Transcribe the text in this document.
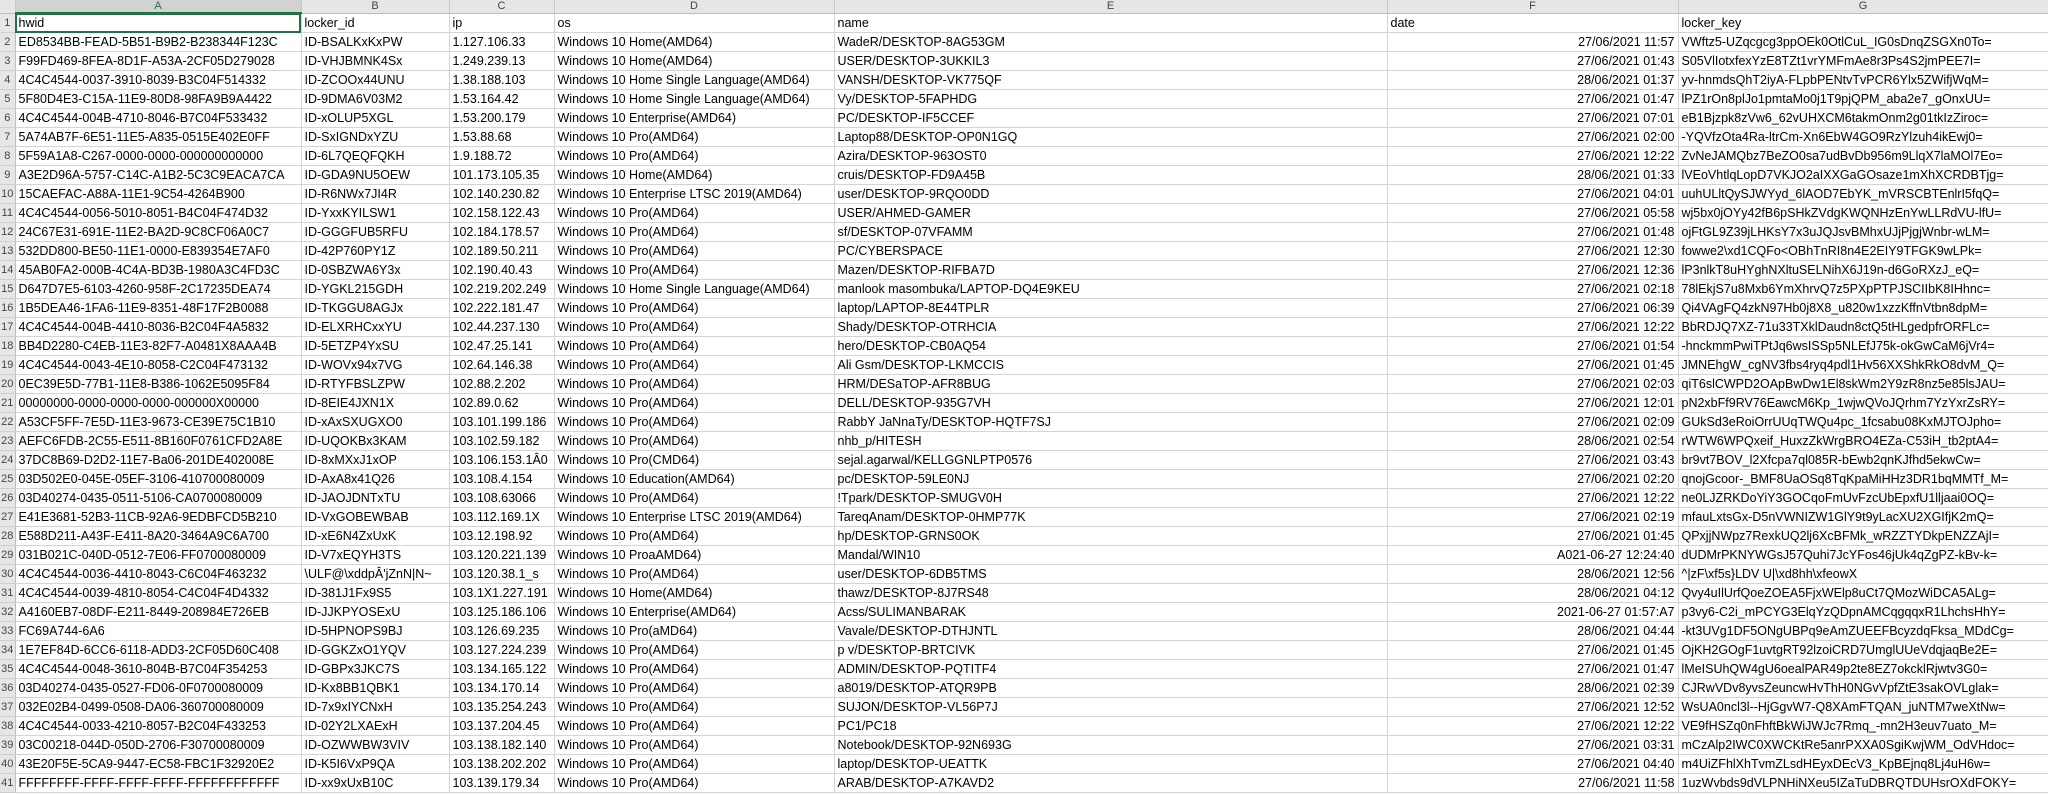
	A	B	C	D	E	F	G
1	hwid	locker_id	ip	os	name	date	locker_key
2	ED8534BB-FEAD-5B51-B9B2-B238344F123C	ID-BSALKxKxPW	1.127.106.33	Windows 10 Home(AMD64)	WadeR/DESKTOP-8AG53GM	27/06/2021 11:57	VWftz5-UZqcgcg3ppOEk0OtlCuL_IG0sDnqZSGXn0To=
3	F99FD469-8FEA-8D1F-A53A-2CF05D279028	ID-VHJBMNK4Sx	1.249.239.13	Windows 10 Home(AMD64)	USER/DESKTOP-3UKKIL3	27/06/2021 01:43	S05VlIotxfexYzE8TZt1vrYMFmAe8r3Ps4S2jmPEE7I=
4	4C4C4544-0037-3910-8039-B3C04F514332	ID-ZCOOx44UNU	1.38.188.103	Windows 10 Home Single Language(AMD64)	VANSH/DESKTOP-VK775QF	28/06/2021 01:37	yv-hnmdsQhT2iyA-FLpbPENtvTvPCR6Ylx5ZWifjWqM=
5	5F80D4E3-C15A-11E9-80D8-98FA9B9A4422	ID-9DMA6V03M2	1.53.164.42	Windows 10 Home Single Language(AMD64)	Vy/DESKTOP-5FAPHDG	27/06/2021 01:47	lPZ1rOn8plJo1pmtaMo0j1T9pjQPM_aba2e7_gOnxUU=
6	4C4C4544-004B-4710-8046-B7C04F533432	ID-xOLUP5XGL	1.53.200.179	Windows 10 Enterprise(AMD64)	PC/DESKTOP-IF5CCEF	27/06/2021 07:01	eB1Bjzpk8zVw6_62vUHXCM6takmOnm2g01tkIzZiroc=
7	5A74AB7F-6E51-11E5-A835-0515E402E0FF	ID-SxIGNDxYZU	1.53.88.68	Windows 10 Pro(AMD64)	Laptop88/DESKTOP-OP0N1GQ	27/06/2021 02:00	-YQVfzOta4Ra-ltrCm-Xn6EbW4GO9RzYlzuh4ikEwj0=
8	5F59A1A8-C267-0000-0000-000000000000	ID-6L7QEQFQKH	1.9.188.72	Windows 10 Pro(AMD64)	Azira/DESKTOP-963OST0	27/06/2021 12:22	ZvNeJAMQbz7BeZO0sa7udBvDb956m9LlqX7laMOl7Eo=
9	A3E2D96A-5757-C14C-A1B2-5C3C9EACA7CA	ID-GDA9NU5OEW	101.173.105.35	Windows 10 Home(AMD64)	cruis/DESKTOP-FD9A45B	28/06/2021 01:33	lVEoVhtlqLopD7VKJO2aIXXGaGOsaze1mXhXCRDBTjg=
10	15CAEFAC-A88A-11E1-9C54-4264B900	ID-R6NWx7JI4R	102.140.230.82	Windows 10 Enterprise LTSC 2019(AMD64)	user/DESKTOP-9RQO0DD	27/06/2021 04:01	uuhULltQySJWYyd_6lAOD7EbYK_mVRSCBTEnlrI5fqQ=
11	4C4C4544-0056-5010-8051-B4C04F474D32	ID-YxxKYILSW1	102.158.122.43	Windows 10 Pro(AMD64)	USER/AHMED-GAMER	27/06/2021 05:58	wj5bx0jOYy42fB6pSHkZVdgKWQNHzEnYwLLRdVU-lfU=
12	24C67E31-691E-11E2-BA2D-9C8CF06A0C7	ID-GGGFUB5RFU	102.184.178.57	Windows 10 Pro(AMD64)	sf/DESKTOP-07VFAMM	27/06/2021 01:48	ojFtGL9Z39jLHKsY7x3uJQJsvBMhxUJjPjgjWnbr-wLM=
13	532DD800-BE50-11E1-0000-E839354E7AF0	ID-42P760PY1Z	102.189.50.211	Windows 10 Pro(AMD64)	PC/CYBERSPACE	27/06/2021 12:30	fowwe2\xd1CQFo<OBhTnRI8n4E2EIY9TFGK9wLPk=
14	45AB0FA2-000B-4C4A-BD3B-1980A3C4FD3C	ID-0SBZWA6Y3x	102.190.40.43	Windows 10 Pro(AMD64)	Mazen/DESKTOP-RIFBA7D	27/06/2021 12:36	lP3nlkT8uHYghNXltuSELNihX6J19n-d6GoRXzJ_eQ=
15	D647D7E5-6103-4260-958F-2C17235DEA74	ID-YGKL215GDH	102.219.202.249	Windows 10 Home Single Language(AMD64)	manlook masombuka/LAPTOP-DQ4E9KEU	27/06/2021 02:18	78lEkjS7u8Mxb6YmXhrvQ7z5PXpPTPJSCIIbK8IHhnc=
16	1B5DEA46-1FA6-11E9-8351-48F17F2B0088	ID-TKGGU8AGJx	102.222.181.47	Windows 10 Pro(AMD64)	laptop/LAPTOP-8E44TPLR	27/06/2021 06:39	Qi4VAgFQ4zkN97Hb0j8X8_u820w1xzzKffnVtbn8dpM=
17	4C4C4544-004B-4410-8036-B2C04F4A5832	ID-ELXRHCxxYU	102.44.237.130	Windows 10 Pro(AMD64)	Shady/DESKTOP-OTRHCIA	27/06/2021 12:22	BbRDJQ7XZ-71u33TXklDaudn8ctQ5tHLgedpfrORFLc=
18	BB4D2280-C4EB-11E3-82F7-A0481X8AAA4B	ID-5ETZP4YxSU	102.47.25.141	Windows 10 Pro(AMD64)	hero/DESKTOP-CB0AQ54	27/06/2021 01:54	-hnckmmPwiTPtJq6wsISSp5NLEfJ75k-okGwCaM6jVr4=
19	4C4C4544-0043-4E10-8058-C2C04F473132	ID-WOVx94x7VG	102.64.146.38	Windows 10 Pro(AMD64)	Ali Gsm/DESKTOP-LKMCCIS	27/06/2021 01:45	JMNEhgW_cgNV3fbs4ryq4pdl1Hv56XXShkRkO8dvM_Q=
20	0EC39E5D-77B1-11E8-B386-1062E5095F84	ID-RTYFBSLZPW	102.88.2.202	Windows 10 Pro(AMD64)	HRM/DESaTOP-AFR8BUG	27/06/2021 02:03	qiT6slCWPD2OApBwDw1El8skWm2Y9zR8nz5e85lsJAU=
21	00000000-0000-0000-0000-000000X00000	ID-8EIE4JXN1X	102.89.0.62	Windows 10 Pro(AMD64)	DELL/DESKTOP-935G7VH	27/06/2021 12:01	pN2xbFf9RV76EawcM6Kp_1wjwQVoJQrhm7YzYxrZsRY=
22	A53CF5FF-7E5D-11E3-9673-CE39E75C1B10	ID-xAxSXUGXO0	103.101.199.186	Windows 10 Pro(AMD64)	RabbY JaNnaTy/DESKTOP-HQTF7SJ	27/06/2021 02:09	GUkSd3eRoiOrrUUqTWQu4pc_1fcsabu08KxMJTOJpho=
23	AEFC6FDB-2C55-E511-8B160F0761CFD2A8E	ID-UQOKBx3KAM	103.102.59.182	Windows 10 Pro(AMD64)	nhb_p/HITESH	28/06/2021 02:54	rWTW6WPQxeif_HuxzZkWrgBRO4EZa-C53iH_tb2ptA4=
24	37DC8B69-D2D2-11E7-Ba06-201DE402008E	ID-8xMXxJ1xOP	103.106.153.1Â0	Windows 10 Pro(CMD64)	sejal.agarwal/KELLGGNLPTP0576	27/06/2021 03:43	br9vt7BOV_l2Xfcpa7ql085R-bEwb2qnKJfhd5ekwCw=
25	03D502E0-045E-05EF-3106-410700080009	ID-AxA8x41Q26	103.108.4.154	Windows 10 Education(AMD64)	pc/DESKTOP-59LE0NJ	27/06/2021 02:20	qnojGcoor-_BMF8UaOSq8TqKpaMiHHz3DR1bqMMTf_M=
26	03D40274-0435-0511-5106-CA0700080009	ID-JAOJDNTxTU	103.108.63066	Windows 10 Pro(AMD64)	!Tpark/DESKTOP-SMUGV0H	27/06/2021 12:22	ne0LJZRKDoYiY3GOCqoFmUvFzcUbEpxfU1lljaai0OQ=
27	E41E3681-52B3-11CB-92A6-9EDBFCD5B210	ID-VxGOBEWBAB	103.112.169.1X	Windows 10 Enterprise LTSC 2019(AMD64)	TareqAnam/DESKTOP-0HMP77K	27/06/2021 02:19	mfauLxtsGx-D5nVWNIZW1GlY9t9yLacXU2XGIfjK2mQ=
28	E588D211-A43F-E411-8A20-3464A9C6A700	ID-xE6N4ZxUxK	103.12.198.92	Windows 10 Pro(AMD64)	hp/DESKTOP-GRNS0OK	27/06/2021 01:45	QPxjjNWpz7RexkUQ2lj6XcBFMk_wRZZTYDkpENZZAjI=
29	031B021C-040D-0512-7E06-FF0700080009	ID-V7xEQYH3TS	103.120.221.139	Windows 10 ProaAMD64)	Mandal/WIN10	A021-06-27 12:24:40	dUDMrPKNYWGsJ57Quhi7JcYFos46jUk4qZgPZ-kBv-k=
30	4C4C4544-0036-4410-8043-C6C04F463232	\ULF@\xddpÂ'jZnN|N~	103.120.38.1_s	Windows 10 Pro(AMD64)	user/DESKTOP-6DB5TMS	28/06/2021 12:56	^|zF\xf5s}LDV U|\xd8hh\xfeowX
31	4C4C4544-0039-4810-8054-C4C04F4D4332	ID-381J1Fx9S5	103.1X1.227.191	Windows 10 Home(AMD64)	thawz/DESKTOP-8J7RS48	28/06/2021 04:12	Qvy4uIlUrfQoeZOEA5FjxWElp8uCt7QMozWiDCA5ALg=
32	A4160EB7-08DF-E211-8449-208984E726EB	ID-JJKPYOSExU	103.125.186.106	Windows 10 Enterprise(AMD64)	Acss/SULIMANBARAK	2021-06-27 01:57:A7	p3vy6-C2i_mPCYG3ElqYzQDpnAMCqgqqxR1LhchsHhY=
33	FC69A744-6A6	ID-5HPNOPS9BJ	103.126.69.235	Windows 10 Pro(aMD64)	Vavale/DESKTOP-DTHJNTL	28/06/2021 04:44	-kt3UVg1DF5ONgUBPq9eAmZUEEFBcyzdqFksa_MDdCg=
34	1E7EF84D-6CC6-6118-ADD3-2CF05D60C408	ID-GGKZxO1YQV	103.127.224.239	Windows 10 Pro(AMD64)	p v/DESKTOP-BRTCIVK	27/06/2021 01:45	OjKH2GOgF1uvtgRT92lzoiCRD7UmglUUeVdqjaqBe2E=
35	4C4C4544-0048-3610-804B-B7C04F354253	ID-GBPx3JKC7S	103.134.165.122	Windows 10 Pro(AMD64)	ADMIN/DESKTOP-PQTITF4	27/06/2021 01:47	lMeISUhQW4gU6oealPAR49p2te8EZ7okcklRjwtv3G0=
36	03D40274-0435-0527-FD06-0F0700080009	ID-Kx8BB1QBK1	103.134.170.14	Windows 10 Pro(AMD64)	a8019/DESKTOP-ATQR9PB	28/06/2021 02:39	CJRwVDv8yvsZeuncwHvThH0NGvVpfZtE3sakOVLglak=
37	032E02B4-0499-0508-DA06-360700080009	ID-7x9xIYCNxH	103.135.254.243	Windows 10 Pro(AMD64)	SUJON/DESKTOP-VL56P7J	27/06/2021 12:52	WsUA0ncl3l--HjGgvW7-Q8XAmFTQAN_juNTM7weXtNw=
38	4C4C4544-0033-4210-8057-B2C04F433253	ID-02Y2LXAExH	103.137.204.45	Windows 10 Pro(AMD64)	PC1/PC18	27/06/2021 12:22	VE9fHSZq0nFhftBkWiJWJc7Rmq_-mn2H3euv7uato_M=
39	03C00218-044D-050D-2706-F30700080009	ID-OZWWBW3VIV	103.138.182.140	Windows 10 Pro(AMD64)	Notebook/DESKTOP-92N693G	27/06/2021 03:31	mCzAlp2IWC0XWCKtRe5anrPXXA0SgiKwjWM_OdVHdoc=
40	43E20F5E-5CA9-9447-EC58-FBC1F32920E2	ID-K5I6VxP9QA	103.138.202.202	Windows 10 Pro(AMD64)	laptop/DESKTOP-UEATTK	27/06/2021 04:40	m4UiZFhlXhTvmZLsdHEyxDEcV3_KpBEjnq8Lj4uH6w=
41	FFFFFFFF-FFFF-FFFF-FFFF-FFFFFFFFFFFF	ID-xx9xUxB10C	103.139.179.34	Windows 10 Pro(AMD64)	ARAB/DESKTOP-A7KAVD2	27/06/2021 11:58	1uzWvbds9dVLPNHiNXeu5IZaTuDBRQTDUHsrOXdFOKY=
